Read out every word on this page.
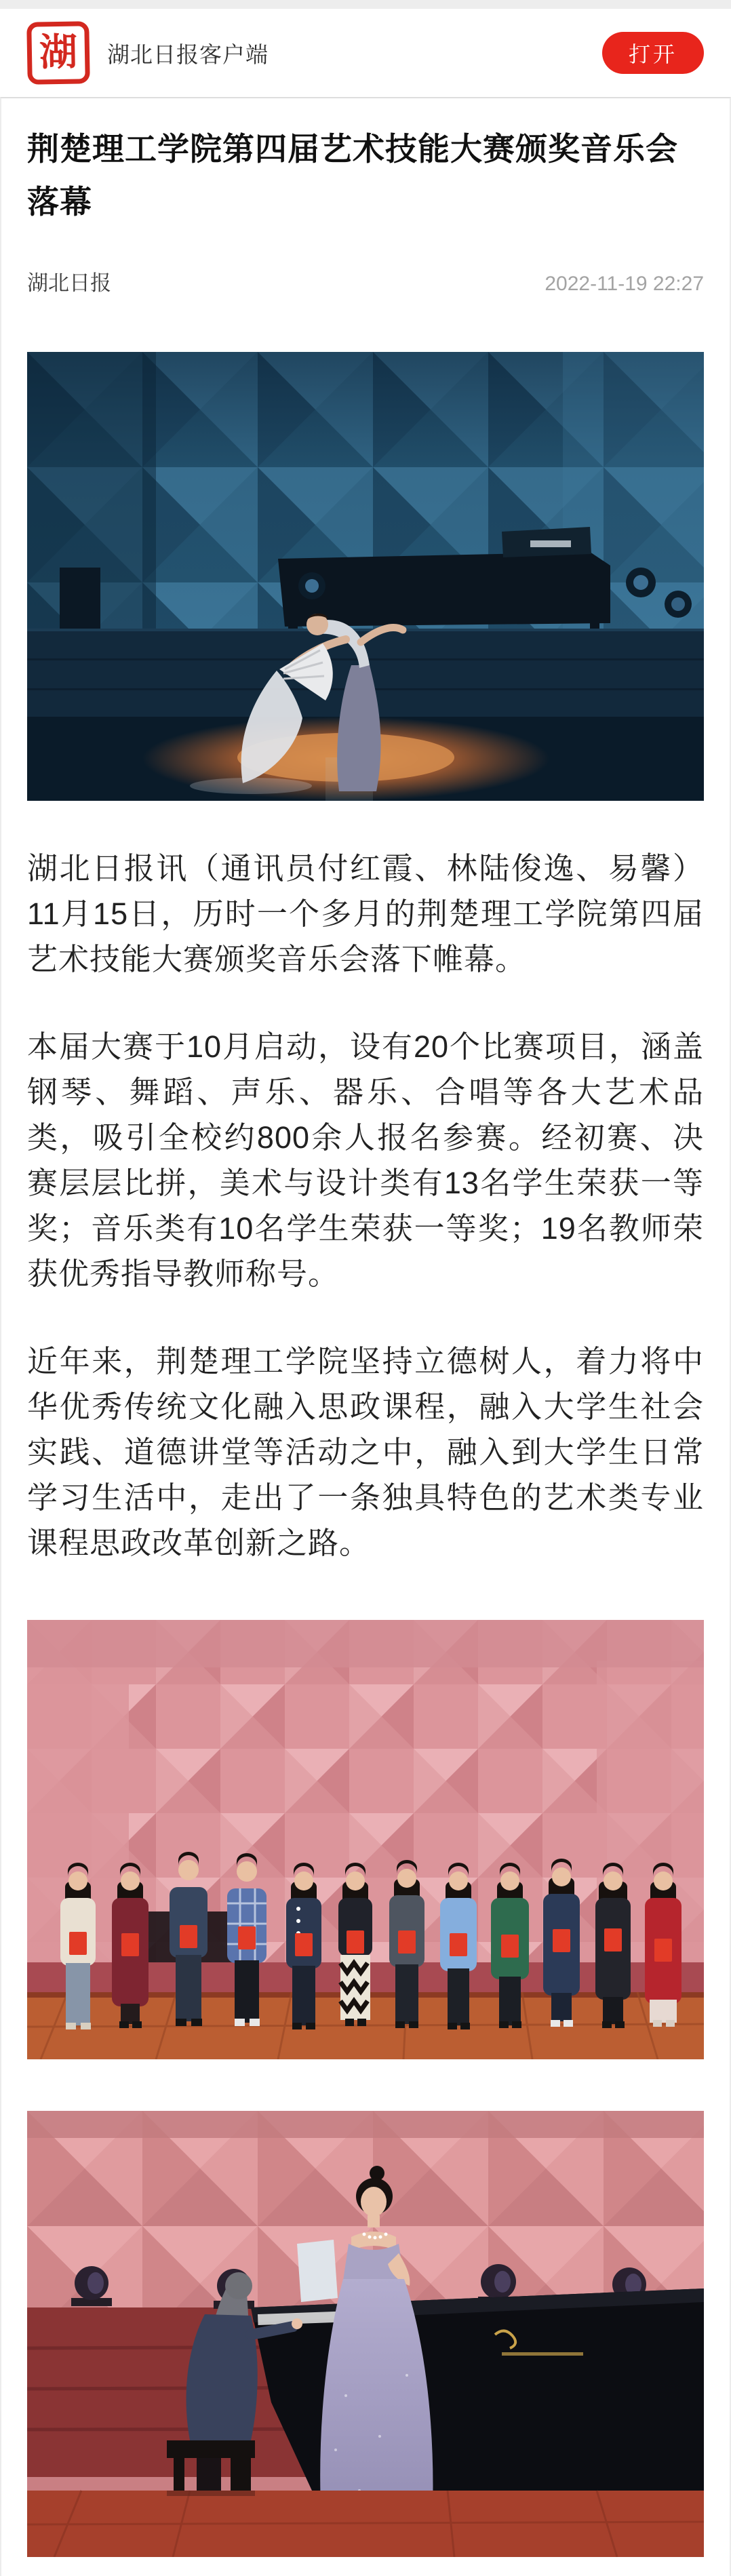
湖 湖北日报客户端	打开
荆楚理工学院第四届艺术技能大赛颁奖音乐会落幕
湖北日报	2022-11-19 22:27

湖北日报讯（通讯员付红霞、林陆俊逸、易馨）11月15日，历时一个多月的荆楚理工学院第四届艺术技能大赛颁奖音乐会落下帷幕。

本届大赛于10月启动，设有20个比赛项目，涵盖钢琴、舞蹈、声乐、器乐、合唱等各大艺术品类，吸引全校约800余人报名参赛。经初赛、决赛层层比拼，美术与设计类有13名学生荣获一等奖；音乐类有10名学生荣获一等奖；19名教师荣获优秀指导教师称号。

近年来，荆楚理工学院坚持立德树人，着力将中华优秀传统文化融入思政课程，融入大学生社会实践、道德讲堂等活动之中，融入到大学生日常学习生活中，走出了一条独具特色的艺术类专业课程思政改革创新之路。
